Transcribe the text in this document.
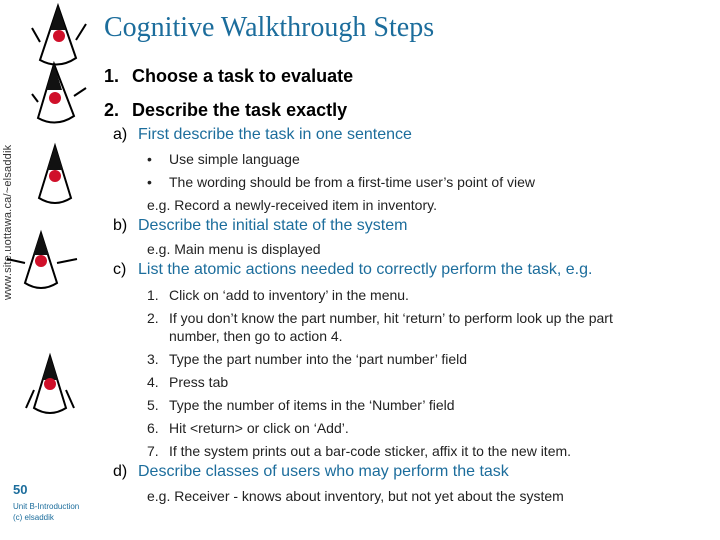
www.site.uottawa.ca/~elsaddik
50
Unit B-Introduction
(c) elsaddik
Cognitive Walkthrough Steps
1. Choose a task to evaluate
2. Describe the task exactly
a) First describe the task in one sentence
• Use simple language
• The wording should be from a first-time user’s point of view
e.g. Record a newly-received item in inventory.
b) Describe the initial state of the system
e.g. Main menu is displayed
c) List the atomic actions needed to correctly perform the task, e.g.
1. Click on ‘add to inventory’ in the menu.
2. If you don’t know the part number, hit ‘return’ to perform look up the part
number, then go to action 4.
3. Type the part number into the ‘part number’ field
4. Press tab
5. Type the number of items in the ‘Number’ field
6. Hit <return> or click on ‘Add’.
7. If the system prints out a bar-code sticker, affix it to the new item.
d) Describe classes of users who may perform the task
e.g. Receiver - knows about inventory, but not yet about the system
